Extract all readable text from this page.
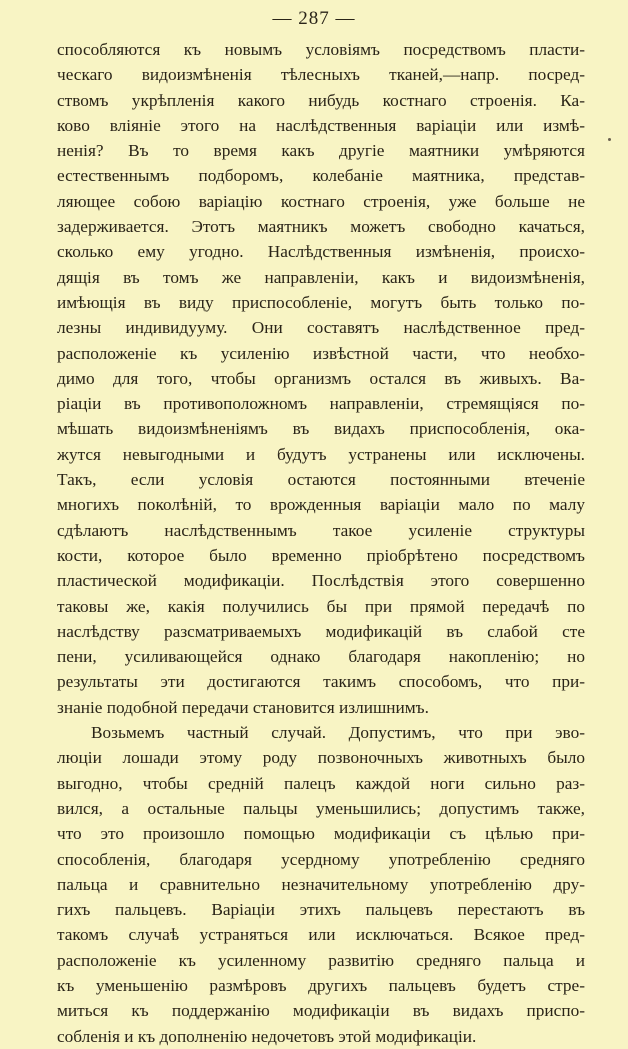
— 287 —
способляются къ новымъ условіямъ посредствомъ пласти-
ческаго видоизмѣненія тѣлесныхъ тканей,—напр. посред-
ствомъ укрѣпленія какого нибудь костнаго строенія. Ка-
ково вліяніе этого на наслѣдственныя варіаціи или измѣ-
ненія? Въ то время какъ другіе маятники умѣряются
естественнымъ подборомъ, колебаніе маятника, представ-
ляющее собою варіацію костнаго строенія, уже больше не
задерживается. Этотъ маятникъ можетъ свободно качаться,
сколько ему угодно. Наслѣдственныя измѣненія, происхо-
дящія въ томъ же направленіи, какъ и видоизмѣненія,
имѣющія въ виду приспособленіе, могутъ быть только по-
лезны индивидууму. Они составятъ наслѣдственное пред-
расположеніе къ усиленію извѣстной части, что необхо-
димо для того, чтобы организмъ остался въ живыхъ. Ва-
ріаціи въ противоположномъ направленіи, стремящіяся по-
мѣшать видоизмѣненіямъ въ видахъ приспособленія, ока-
жутся невыгодными и будутъ устранены или исключены.
Такъ, если условія остаются постоянными втеченіе
многихъ поколѣній, то врожденныя варіаціи мало по малу
сдѣлаютъ наслѣдственнымъ такое усиленіе структуры
кости, которое было временно пріобрѣтено посредствомъ
пластической модификаціи. Послѣдствія этого совершенно
таковы же, какія получились бы при прямой передачѣ по
наслѣдству разсматриваемыхъ модификацій въ слабой сте
пени, усиливающейся однако благодаря накопленію; но
результаты эти достигаются такимъ способомъ, что при-
знаніе подобной передачи становится излишнимъ.
Возьмемъ частный случай. Допустимъ, что при эво-
люціи лошади этому роду позвоночныхъ животныхъ было
выгодно, чтобы средній палецъ каждой ноги сильно раз-
вился, а остальные пальцы уменьшились; допустимъ также,
что это произошло помощью модификаціи съ цѣлью при-
способленія, благодаря усердному употребленію средняго
пальца и сравнительно незначительному употребленію дру-
гихъ пальцевъ. Варіаціи этихъ пальцевъ перестаютъ въ
такомъ случаѣ устраняться или исключаться. Всякое пред-
расположеніе къ усиленному развитію средняго пальца и
къ уменьшенію размѣровъ другихъ пальцевъ будетъ стре-
миться къ поддержанію модификаціи въ видахъ приспо-
собленія и къ дополненію недочетовъ этой модификаціи.
